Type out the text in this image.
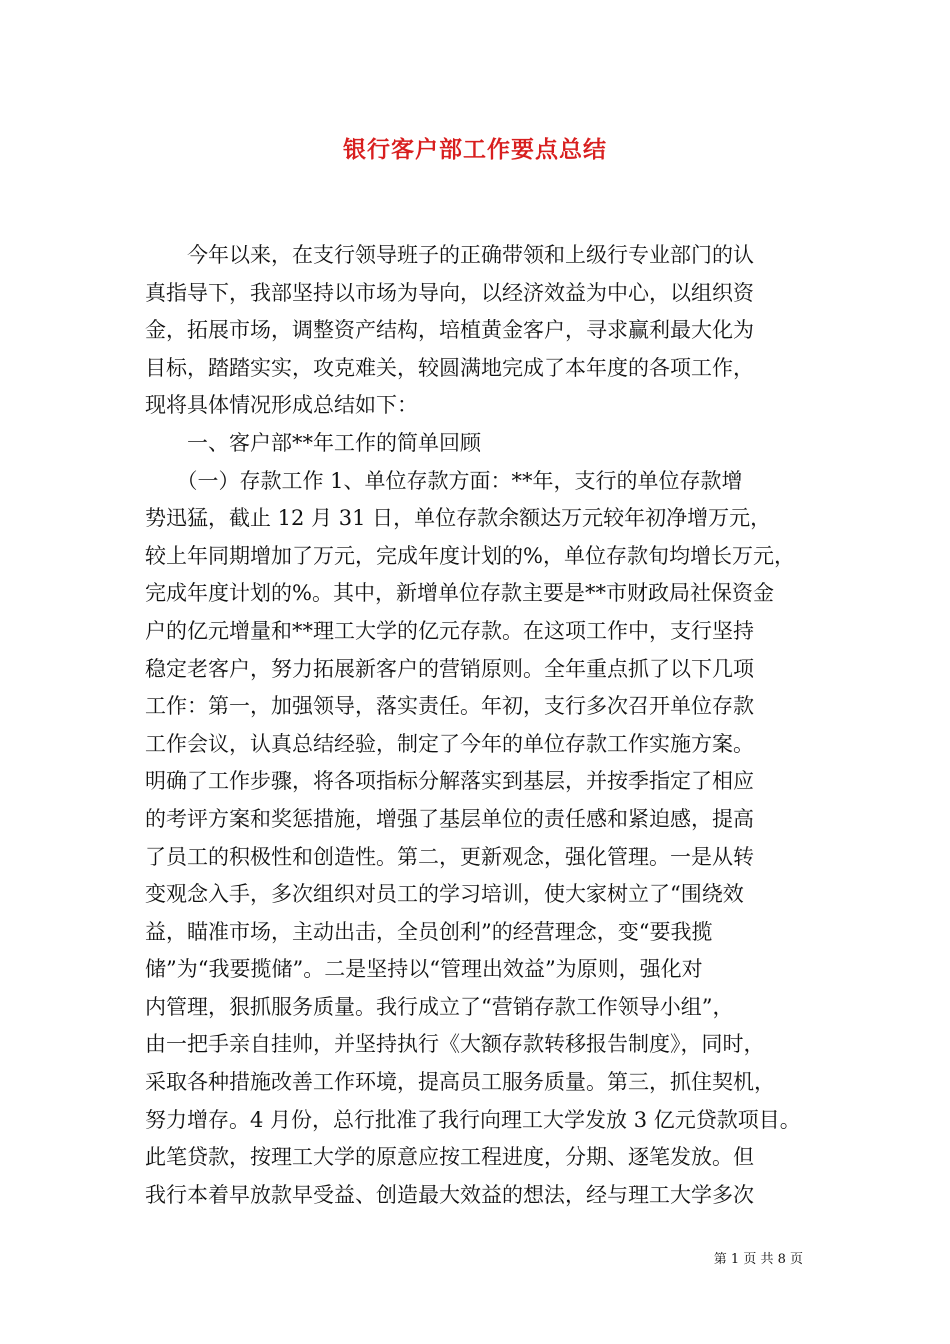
银行客户部工作要点总结
　　今年以来，在支行领导班子的正确带领和上级行专业部门的认
真指导下，我部坚持以市场为导向，以经济效益为中心，以组织资
金，拓展市场，调整资产结构，培植黄金客户，寻求赢利最大化为
目标，踏踏实实，攻克难关，较圆满地完成了本年度的各项工作，
现将具体情况形成总结如下：
　　一、客户部**年工作的简单回顾
　　（一）存款工作 1、单位存款方面：**年，支行的单位存款增
势迅猛，截止 12 月 31 日，单位存款余额达万元较年初净增万元，
较上年同期增加了万元，完成年度计划的%，单位存款旬均增长万元，
完成年度计划的%。其中，新增单位存款主要是**市财政局社保资金
户的亿元增量和**理工大学的亿元存款。在这项工作中，支行坚持
稳定老客户，努力拓展新客户的营销原则。全年重点抓了以下几项
工作：第一，加强领导，落实责任。年初，支行多次召开单位存款
工作会议，认真总结经验，制定了今年的单位存款工作实施方案。
明确了工作步骤，将各项指标分解落实到基层，并按季指定了相应
的考评方案和奖惩措施，增强了基层单位的责任感和紧迫感，提高
了员工的积极性和创造性。第二，更新观念，强化管理。一是从转
变观念入手，多次组织对员工的学习培训，使大家树立了“围绕效
益，瞄准市场，主动出击，全员创利”的经营理念，变“要我揽
储”为“我要揽储”。二是坚持以“管理出效益”为原则，强化对
内管理，狠抓服务质量。我行成立了“营销存款工作领导小组”，
由一把手亲自挂帅，并坚持执行《大额存款转移报告制度》，同时，
采取各种措施改善工作环境，提高员工服务质量。第三，抓住契机，
努力增存。4 月份，总行批准了我行向理工大学发放 3 亿元贷款项目。
此笔贷款，按理工大学的原意应按工程进度，分期、逐笔发放。但
我行本着早放款早受益、创造最大效益的想法，经与理工大学多次
第 1 页 共 8 页
